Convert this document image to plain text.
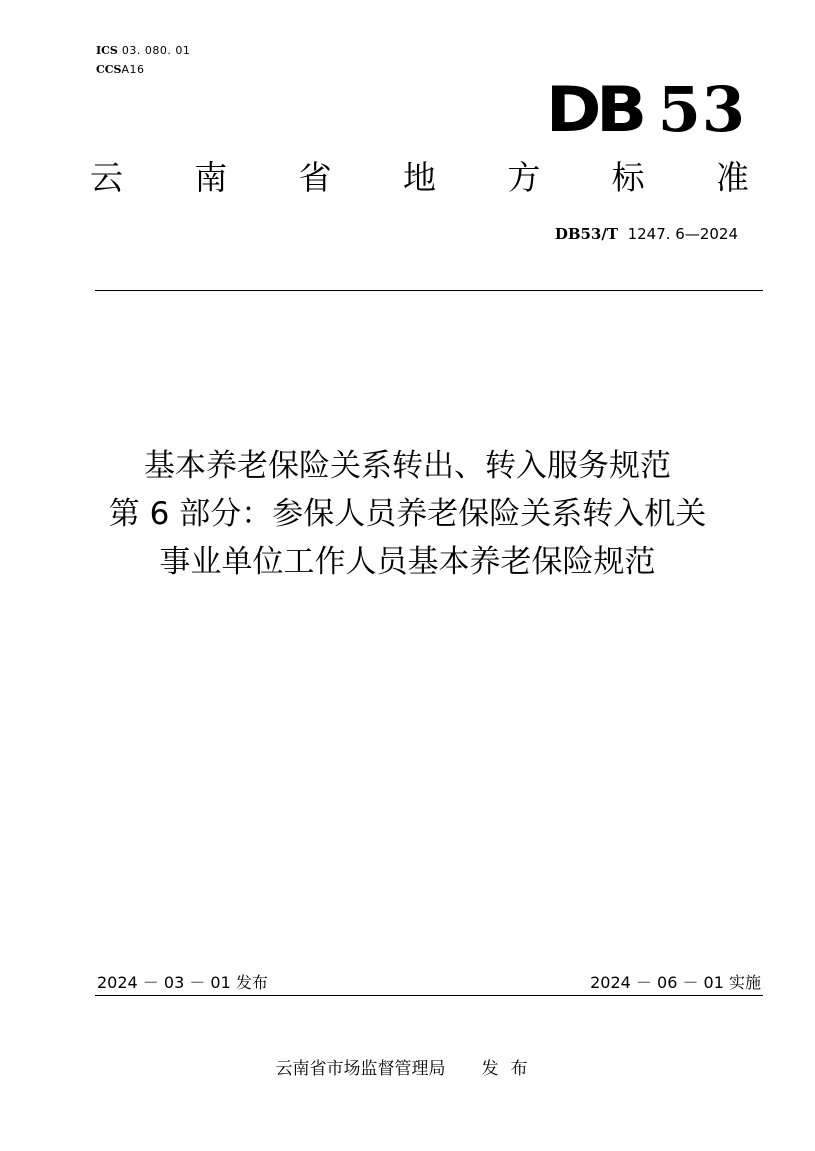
ICS 03. 080. 01
CCSA16
DB 53
云 南 省 地 方 标 准
DB53/T 1247. 6—2024
基本养老保险关系转出、转入服务规范
第 6 部分：参保人员养老保险关系转入机关
事业单位工作人员基本养老保险规范
2024 － 03 － 01 发布	2024 － 06 － 01 实施
云南省市场监督管理局 发布
